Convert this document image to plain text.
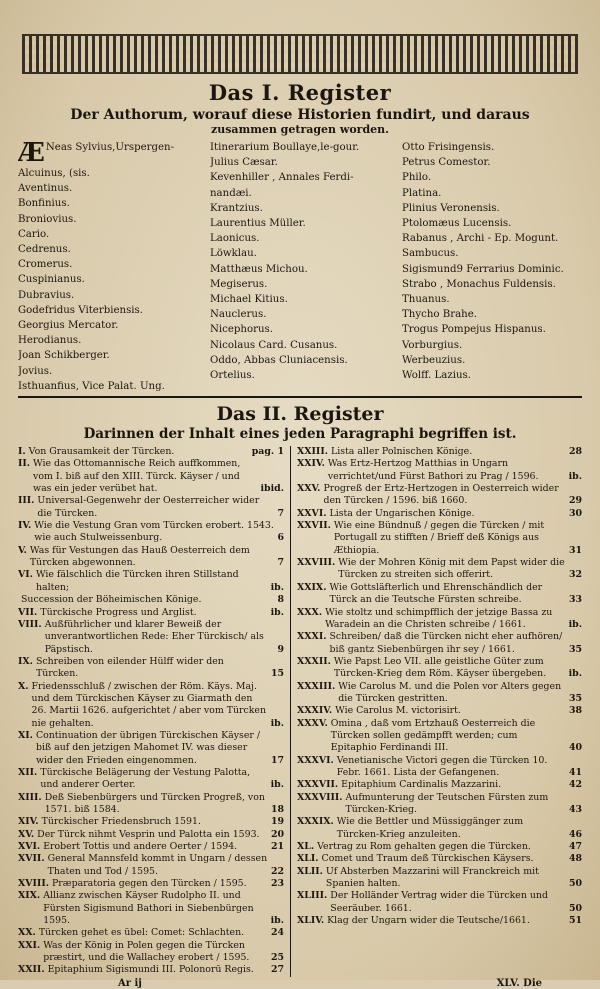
Das I. Register
Der Authorum, worauf diese Historien fundirt, und daraus
zusammen getragen worden.
Æ Neas Sylvius,Urspergen-
Alcuinus, (sis.
Aventinus.
Bonfinius.
Broniovius.
Cario.
Cedrenus.
Cromerus.
Cuspinianus.
Dubravius.
Godefridus Viterbiensis.
Georgius Mercator.
Herodianus.
Joan Schikberger.
Jovius.
Isthuanfius, Vice Palat. Ung.
Itinerarium Boullaye,le-gour.
Julius Cæsar.
Kevenhiller , Annales Ferdi-
nandæi.
Krantzius.
Laurentius Müller.
Laonicus.
Löwklau.
Matthæus Michou.
Megiserus.
Michael Kitius.
Nauclerus.
Nicephorus.
Nicolaus Card. Cusanus.
Oddo, Abbas Cluniacensis.
Ortelius.
Otto Frisingensis.
Petrus Comestor.
Philo.
Platina.
Plinius Veronensis.
Ptolomæus Lucensis.
Rabanus , Archi - Ep. Mogunt.
Sambucus.
Sigismund9 Ferrarius Dominic.
Strabo , Monachus Fuldensis.
Thuanus.
Thycho Brahe.
Trogus Pompejus Hispanus.
Vorburgius.
Werbeuzius.
Wolff. Lazius.
Das II. Register
Darinnen der Inhalt eines jeden Paragraphi begriffen ist.
I. Von Grausamkeit der Türcken.	pag. 1
II. Wie das Ottomannische Reich auffkommen, vom I. biß auf den XIII. Türck. Käyser / und was ein jeder verübet hat.	ibid.
III. Universal-Gegenwehr der Oesterreicher wider die Türcken.	7
IV. Wie die Vestung Gran vom Türcken erobert. 1543. wie auch Stulweissenburg.	6
V. Was für Vestungen das Hauß Oesterreich dem Türcken abgewonnen.	7
VI. Wie fälschlich die Türcken ihren Stillstand halten;	ib.
Succession der Böheimischen Könige.	8
VII. Türckische Progress und Arglist.	ib.
VIII. Außführlicher und klarer Beweiß der unverantwortlichen Rede: Eher Türckisch/ als Päpstisch.	9
IX. Schreiben von eilender Hülff wider den Türcken.	15
X. Friedensschluß / zwischen der Röm. Käys. Maj. und dem Türckischen Käyser zu Giarmath den 26. Martii 1626. aufgerichtet / aber vom Türcken nie gehalten.	ib.
XI. Continuation der übrigen Türckischen Käyser / biß auf den jetzigen Mahomet IV. was dieser wider den Frieden eingenommen.	17
XII. Türckische Belägerung der Vestung Palotta, und anderer Oerter.	ib.
XIII. Deß Siebenbürgers und Türcken Progreß, von 1571. biß 1584.	18
XIV. Türckischer Friedensbruch 1591.	19
XV. Der Türck nihmt Vesprin und Palotta ein 1593.	20
XVI. Erobert Tottis und andere Oerter / 1594.	21
XVII. General Mannsfeld kommt in Ungarn / dessen Thaten und Tod / 1595.	22
XVIII. Præparatoria gegen den Türcken / 1595.	23
XIX. Allianz zwischen Käyser Rudolpho II. und Fürsten Sigismund Bathori in Siebenbürgen 1595.	ib.
XX. Türcken gehet es übel: Comet: Schlachten.	24
XXI. Was der König in Polen gegen die Türcken præstirt, und die Wallachey erobert / 1595.	25
XXII. Epitaphium Sigismundi III. Polonorū Regis.	27
XXIII. Lista aller Polnischen Könige.	28
XXIV. Was Ertz-Hertzog Matthias in Ungarn verrichtet/und Fürst Bathori zu Prag / 1596.	ib.
XXV. Progreß der Ertz-Hertzogen in Oesterreich wider den Türcken / 1596. biß 1660.	29
XXVI. Lista der Ungarischen Könige.	30
XXVII. Wie eine Bündnuß / gegen die Türcken / mit Portugall zu stifften / Brieff deß Königs aus Æthiopia.	31
XXVIII. Wie der Mohren König mit dem Papst wider die Türcken zu streiten sich offerirt.	32
XXIX. Wie Gottsläfterlich und Ehrenschändlich der Türck an die Teutsche Fürsten schreibe.	33
XXX. Wie stoltz und schimpfflich der jetzige Bassa zu Waradein an die Christen schreibe / 1661.	ib.
XXXI. Schreiben/ daß die Türcken nicht eher aufhören/ biß gantz Siebenbürgen ihr sey / 1661.	35
XXXII. Wie Papst Leo VII. alle geistliche Güter zum Türcken-Krieg dem Röm. Käyser übergeben.	ib.
XXXIII. Wie Carolus M. und die Polen vor Alters gegen die Türcken gestritten.	35
XXXIV. Wie Carolus M. victorisirt.	38
XXXV. Omina , daß vom Ertzhauß Oesterreich die Türcken sollen gedämpfft werden; cum Epitaphio Ferdinandi III.	40
XXXVI. Venetianische Victori gegen die Türcken 10. Febr. 1661. Lista der Gefangenen.	41
XXXVII. Epitaphium Cardinalis Mazzarini.	42
XXXVIII. Aufmunterung der Teutschen Fürsten zum Türcken-Krieg.	43
XXXIX. Wie die Bettler und Müssiggänger zum Türcken-Krieg anzuleiten.	46
XL. Vertrag zu Rom gehalten gegen die Türcken.	47
XLI. Comet und Traum deß Türckischen Käysers.	48
XLII. Uf Absterben Mazzarini will Franckreich mit Spanien halten.	50
XLIII. Der Holländer Vertrag wider die Türcken und Seeräuber. 1661.	50
XLIV. Klag der Ungarn wider die Teutsche/1661.	51
Ar ij	XLV. Die
